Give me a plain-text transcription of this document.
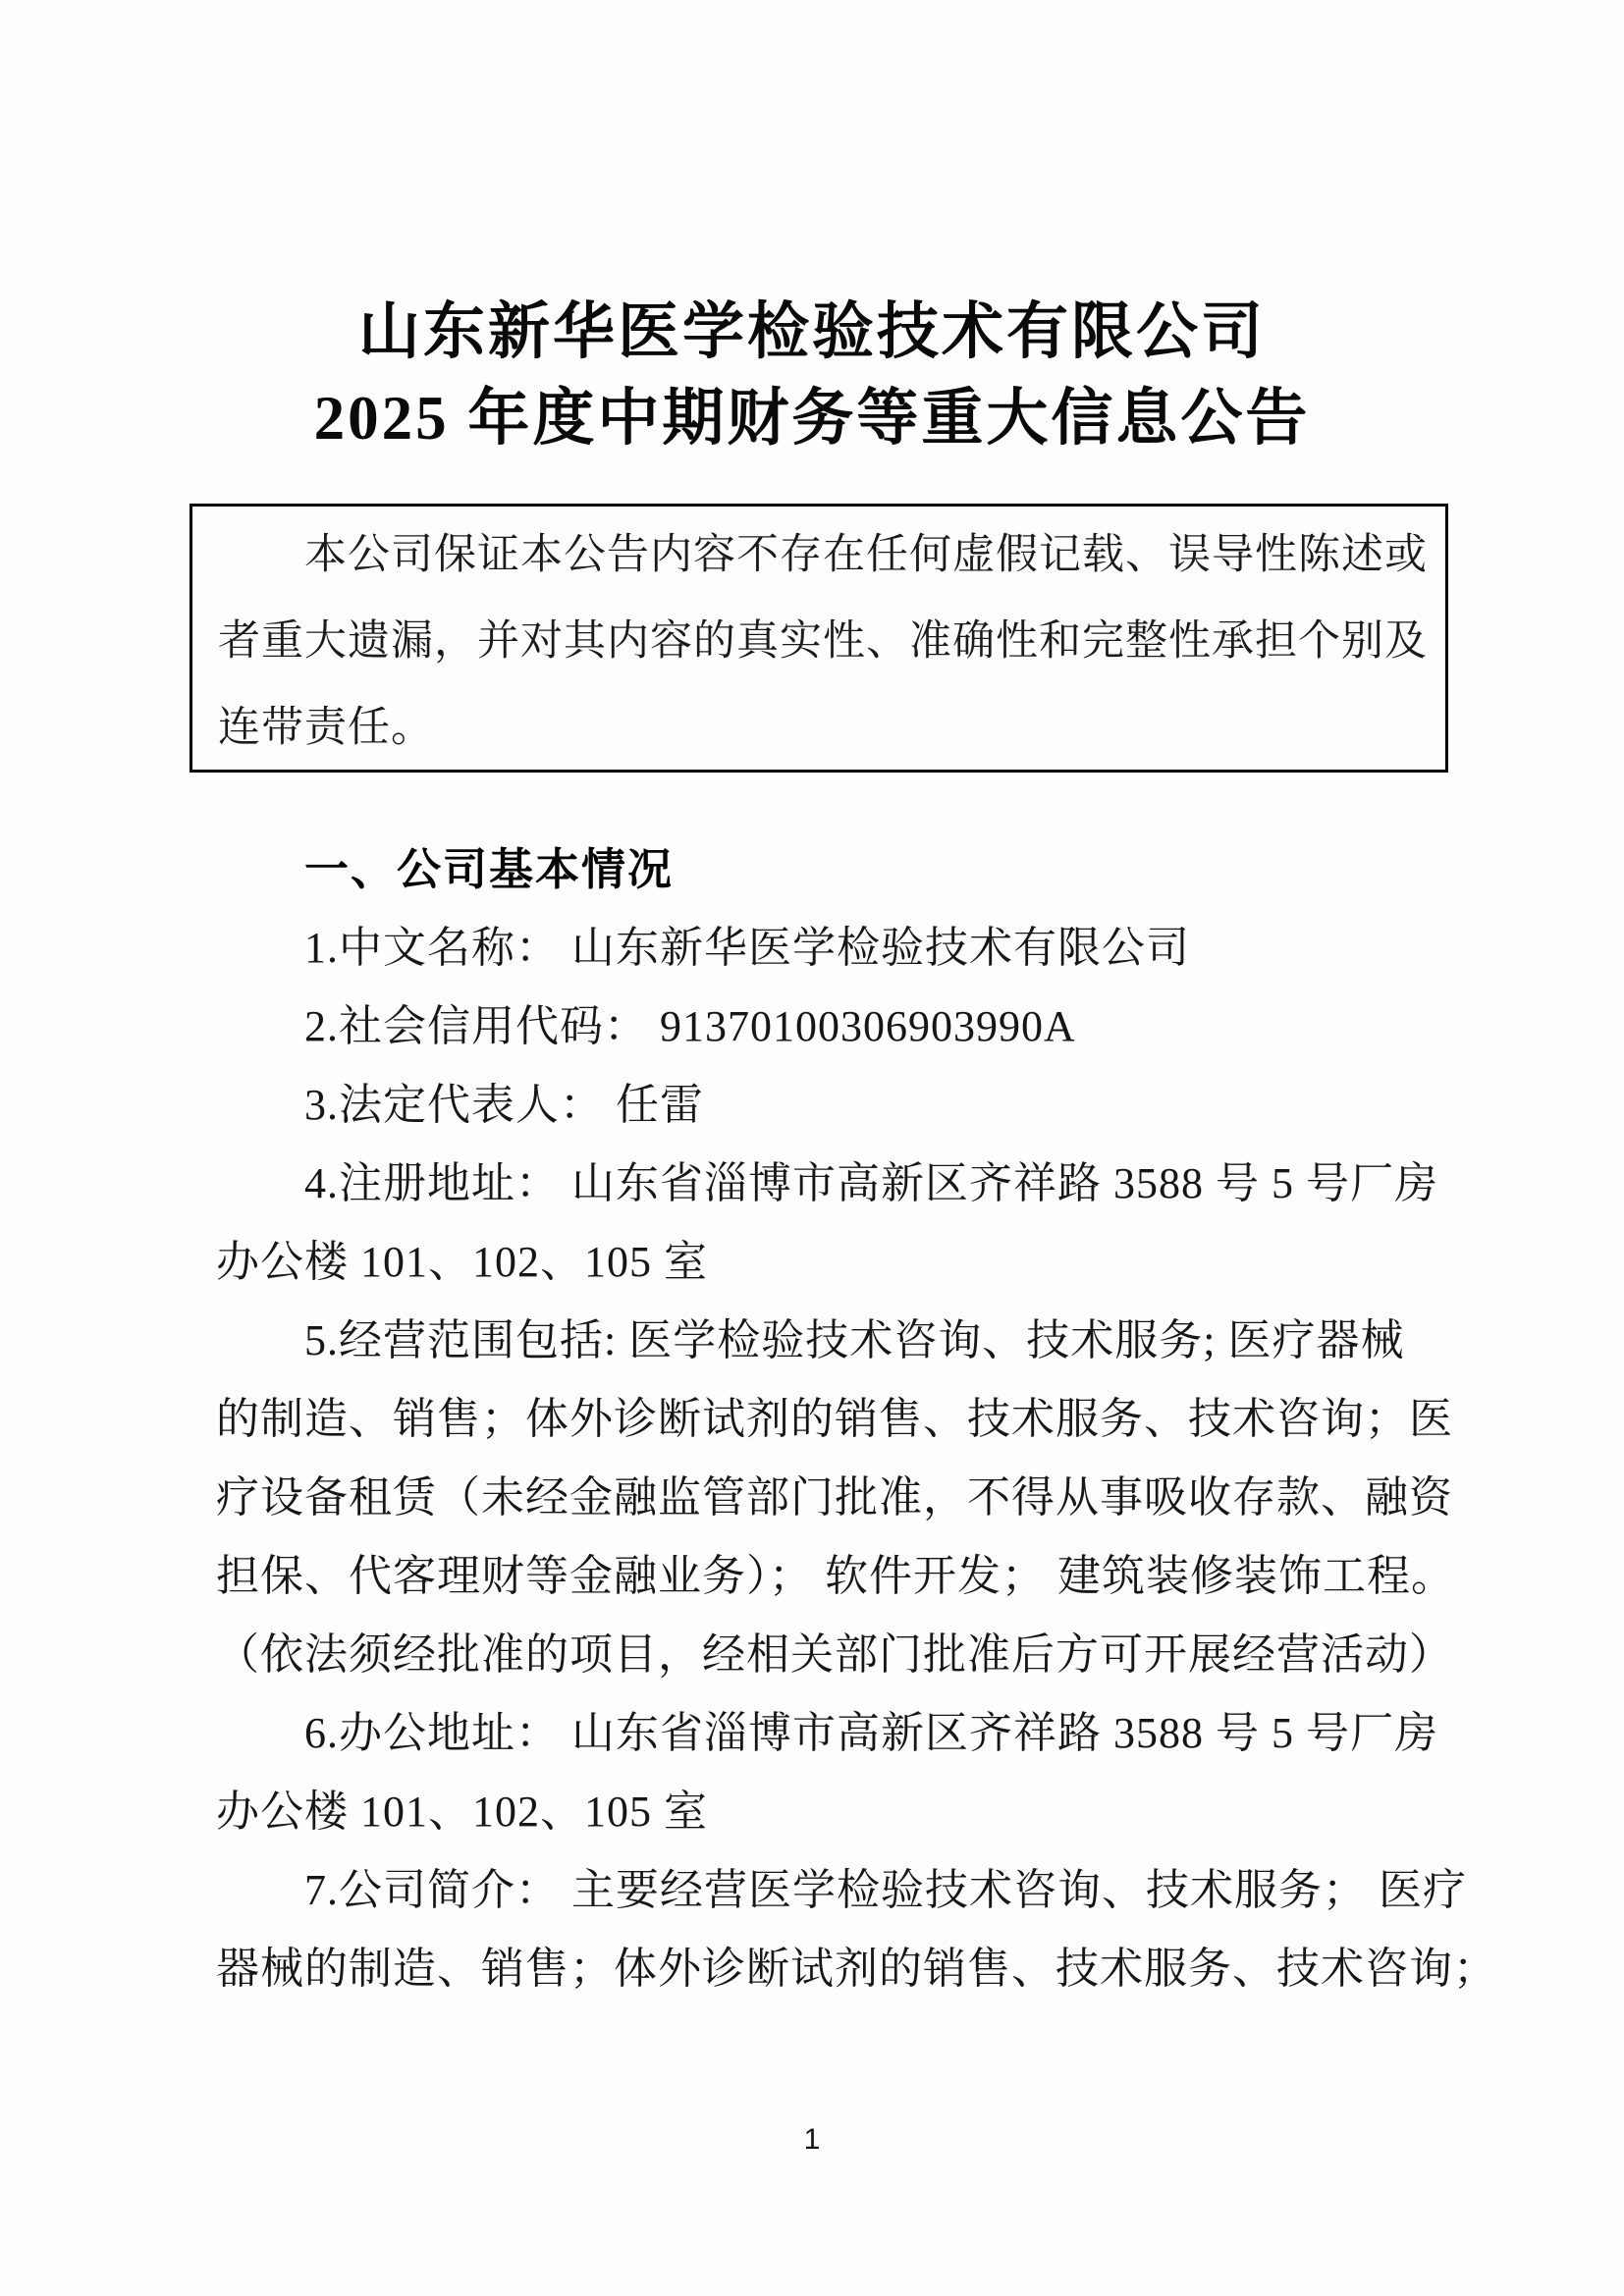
山东新华医学检验技术有限公司
2025 年度中期财务等重大信息公告
本公司保证本公告内容不存在任何虚假记载、误导性陈述或
者重大遗漏，并对其内容的真实性、准确性和完整性承担个别及
连带责任。
一、公司基本情况
1.中文名称： 山东新华医学检验技术有限公司
2.社会信用代码： 91370100306903990A
3.法定代表人： 任雷
4.注册地址： 山东省淄博市高新区齐祥路 3588 号 5 号厂房
办公楼 101、102、105 室
5.经营范围包括: 医学检验技术咨询、技术服务; 医疗器械
的制造、销售；体外诊断试剂的销售、技术服务、技术咨询；医
疗设备租赁（未经金融监管部门批准，不得从事吸收存款、融资
担保、代客理财等金融业务）； 软件开发； 建筑装修装饰工程。
（依法须经批准的项目，经相关部门批准后方可开展经营活动）
6.办公地址： 山东省淄博市高新区齐祥路 3588 号 5 号厂房
办公楼 101、102、105 室
7.公司简介： 主要经营医学检验技术咨询、技术服务； 医疗
器械的制造、销售；体外诊断试剂的销售、技术服务、技术咨询；
1
